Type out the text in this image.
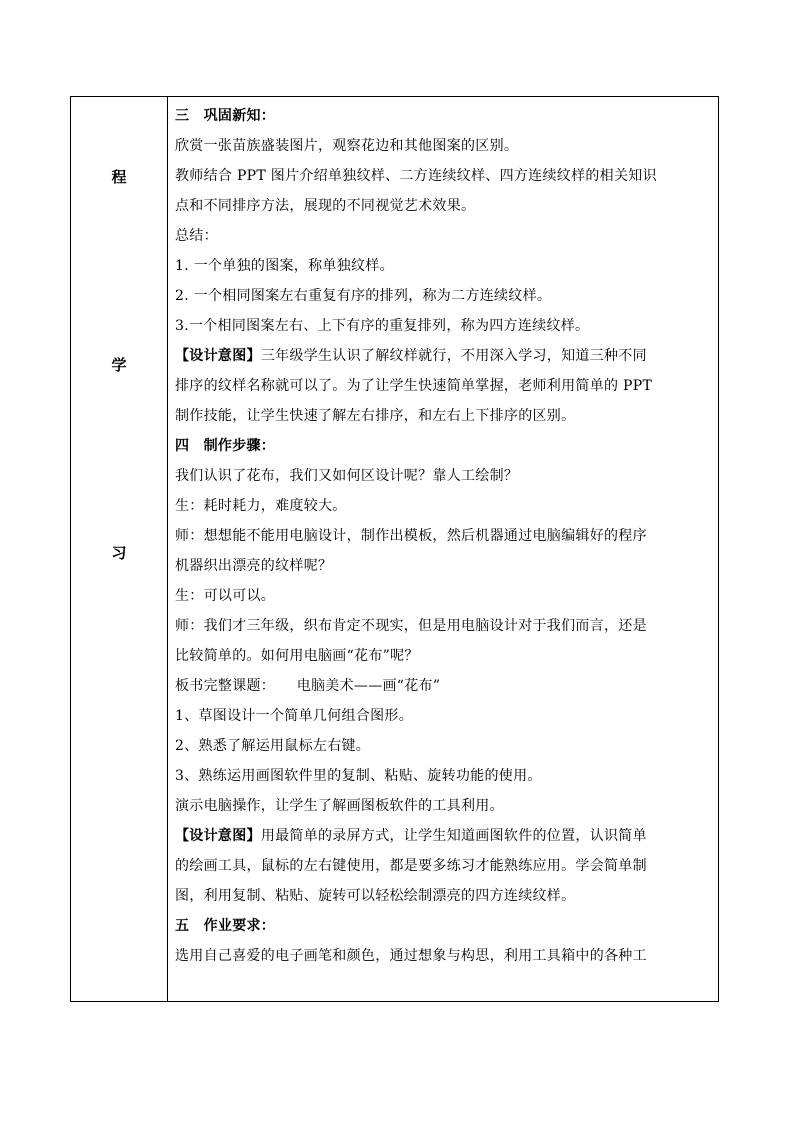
程
学
习

三　巩固新知：

欣赏一张苗族盛装图片，观察花边和其他图案的区别。

教师结合 PPT 图片介绍单独纹样、二方连续纹样、四方连续纹样的相关知识

点和不同排序方法，展现的不同视觉艺术效果。

总结：

1. 一个单独的图案，称单独纹样。

2. 一个相同图案左右重复有序的排列，称为二方连续纹样。

3.一个相同图案左右、上下有序的重复排列，称为四方连续纹样。

【设计意图】三年级学生认识了解纹样就行，不用深入学习，知道三种不同

排序的纹样名称就可以了。为了让学生快速简单掌握，老师利用简单的 PPT

制作技能，让学生快速了解左右排序，和左右上下排序的区别。

四　制作步骤：

我们认识了花布，我们又如何区设计呢？靠人工绘制？

生：耗时耗力，难度较大。

师：想想能不能用电脑设计，制作出模板，然后机器通过电脑编辑好的程序

机器织出漂亮的纹样呢？

生：可以可以。

师：我们才三年级，织布肯定不现实，但是用电脑设计对于我们而言，还是

比较简单的。如何用电脑画“花布”呢？

板书完整课题：　　电脑美术——画“花布”

1、草图设计一个简单几何组合图形。

2、熟悉了解运用鼠标左右键。

3、熟练运用画图软件里的复制、粘贴、旋转功能的使用。

演示电脑操作，让学生了解画图板软件的工具利用。

【设计意图】用最简单的录屏方式，让学生知道画图软件的位置，认识简单

的绘画工具，鼠标的左右键使用，都是要多练习才能熟练应用。学会简单制

图，利用复制、粘贴、旋转可以轻松绘制漂亮的四方连续纹样。

五　作业要求：

选用自己喜爱的电子画笔和颜色，通过想象与构思，利用工具箱中的各种工
